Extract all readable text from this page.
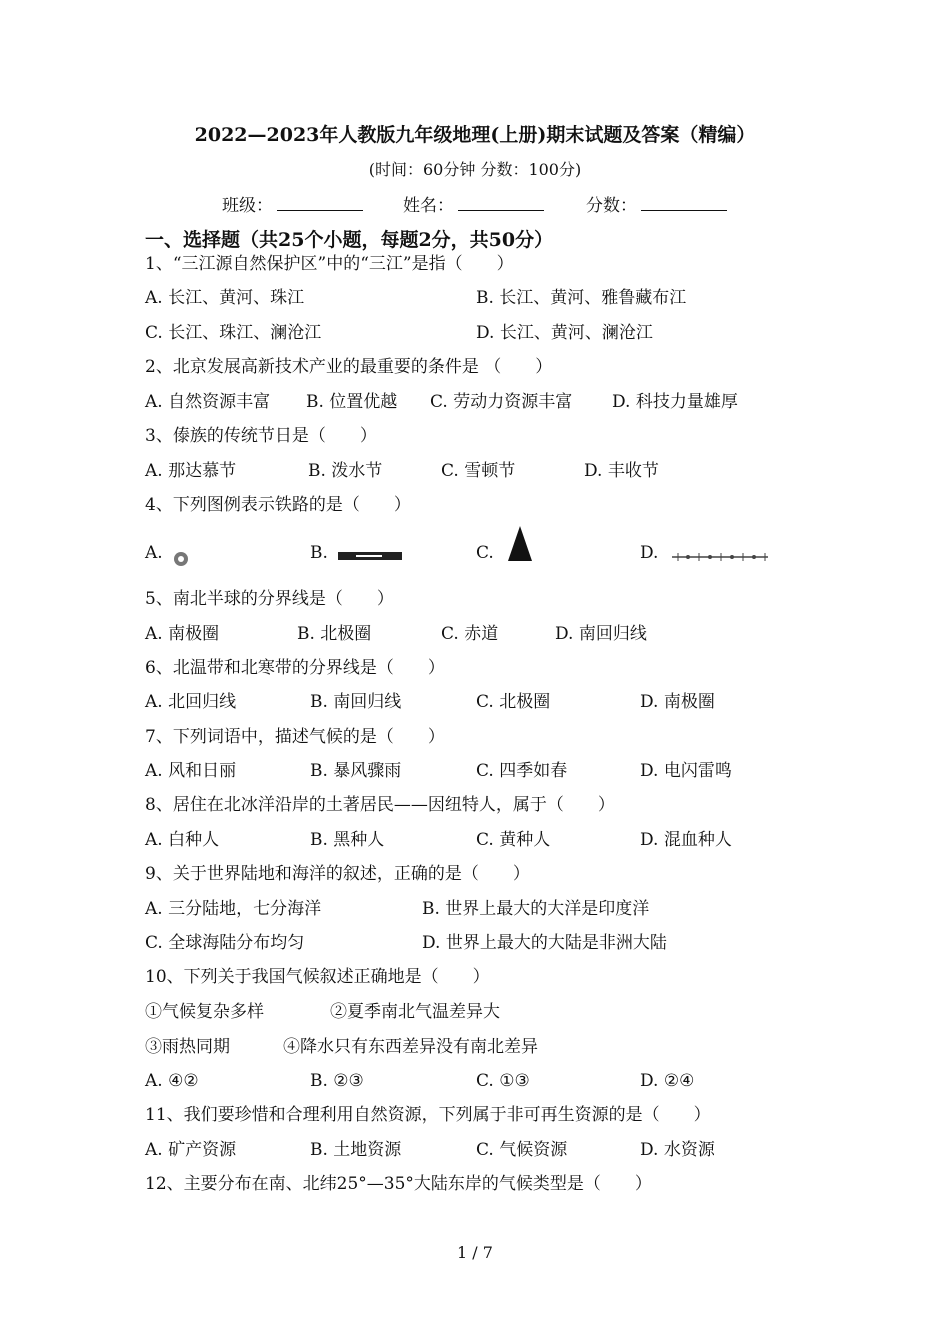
2022—2023年人教版九年级地理(上册)期末试题及答案（精编）
(时间：60分钟 分数：100分)
班级：	姓名：	分数：
一、选择题（共25个小题，每题2分，共50分）
1、“三江源自然保护区”中的“三江”是指（　　）
A. 长江、黄河、珠江	B. 长江、黄河、雅鲁藏布江
C. 长江、珠江、澜沧江	D. 长江、黄河、澜沧江
2、北京发展高新技术产业的最重要的条件是 （　　）
A. 自然资源丰富 B. 位置优越 C. 劳动力资源丰富 D. 科技力量雄厚
3、傣族的传统节日是（　　）
A. 那达慕节	B. 泼水节	C. 雪顿节	D. 丰收节
4、下列图例表示铁路的是（　　）
A.	B.	C.	D.
5、南北半球的分界线是（　　）
A. 南极圈	B. 北极圈	C. 赤道	D. 南回归线
6、北温带和北寒带的分界线是（　　）
A. 北回归线	B. 南回归线	C. 北极圈	D. 南极圈
7、下列词语中，描述气候的是（　　）
A. 风和日丽	B. 暴风骤雨	C. 四季如春	D. 电闪雷鸣
8、居住在北冰洋沿岸的土著居民——因纽特人，属于（　　）
A. 白种人	B. 黑种人	C. 黄种人	D. 混血种人
9、关于世界陆地和海洋的叙述，正确的是（　　）
A. 三分陆地，七分海洋	B. 世界上最大的大洋是印度洋
C. 全球海陆分布均匀	D. 世界上最大的大陆是非洲大陆
10、下列关于我国气候叙述正确地是（　　）
①气候复杂多样	②夏季南北气温差异大
③雨热同期	④降水只有东西差异没有南北差异
A. ④②	B. ②③	C. ①③	D. ②④
11、我们要珍惜和合理利用自然资源，下列属于非可再生资源的是（　　）
A. 矿产资源	B. 土地资源	C. 气候资源	D. 水资源
12、主要分布在南、北纬25°—35°大陆东岸的气候类型是（　　）
1 / 7
